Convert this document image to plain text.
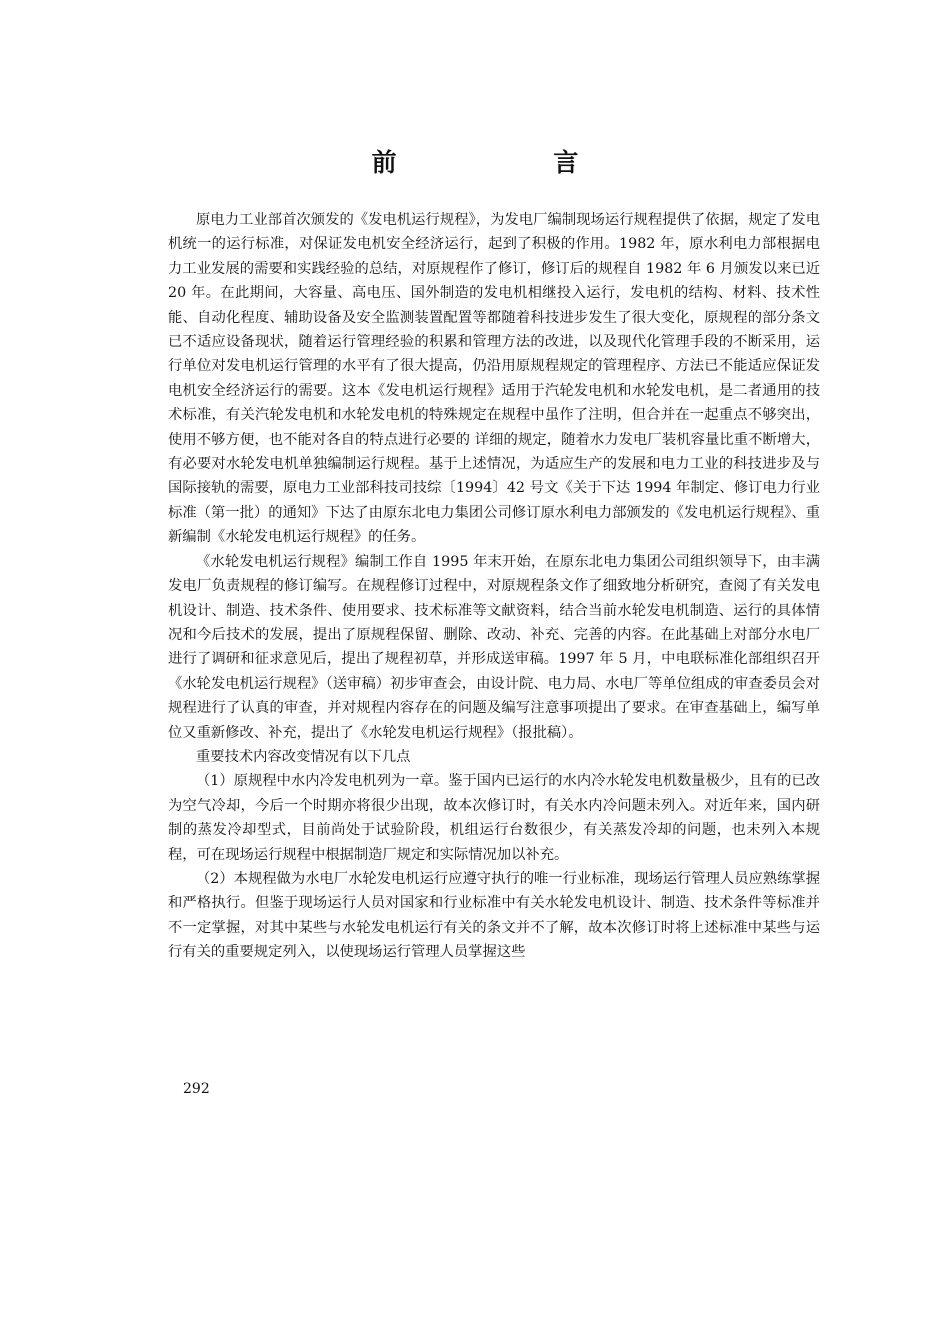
前 言

原电力工业部首次颁发的《发电机运行规程》，为发电厂编制现场运行规程提供了依据，规定了发电机统一的运行标准，对保证发电机安全经济运行，起到了积极的作用。1982 年，原水利电力部根据电力工业发展的需要和实践经验的总结，对原规程作了修订，修订后的规程自 1982 年 6 月颁发以来已近 20 年。在此期间，大容量、高电压、国外制造的发电机相继投入运行，发电机的结构、材料、技术性能、自动化程度、辅助设备及安全监测装置配置等都随着科技进步发生了很大变化，原规程的部分条文已不适应设备现状，随着运行管理经验的积累和管理方法的改进，以及现代化管理手段的不断采用，运行单位对发电机运行管理的水平有了很大提高，仍沿用原规程规定的管理程序、方法已不能适应保证发电机安全经济运行的需要。这本《发电机运行规程》适用于汽轮发电机和水轮发电机，是二者通用的技术标准，有关汽轮发电机和水轮发电机的特殊规定在规程中虽作了注明，但合并在一起重点不够突出，使用不够方便，也不能对各自的特点进行必要的 详细的规定，随着水力发电厂装机容量比重不断增大，有必要对水轮发电机单独编制运行规程。基于上述情况，为适应生产的发展和电力工业的科技进步及与国际接轨的需要，原电力工业部科技司技综〔1994〕42 号文《关于下达 1994 年制定、修订电力行业标准（第一批）的通知》下达了由原东北电力集团公司修订原水利电力部颁发的《发电机运行规程》、重新编制《水轮发电机运行规程》的任务。

《水轮发电机运行规程》编制工作自 1995 年末开始，在原东北电力集团公司组织领导下，由丰满发电厂负责规程的修订编写。在规程修订过程中，对原规程条文作了细致地分析研究，查阅了有关发电机设计、制造、技术条件、使用要求、技术标准等文献资料，结合当前水轮发电机制造、运行的具体情况和今后技术的发展，提出了原规程保留、删除、改动、补充、完善的内容。在此基础上对部分水电厂进行了调研和征求意见后，提出了规程初草，并形成送审稿。1997 年 5 月，中电联标准化部组织召开《水轮发电机运行规程》（送审稿）初步审查会，由设计院、电力局、水电厂等单位组成的审查委员会对规程进行了认真的审查，并对规程内容存在的问题及编写注意事项提出了要求。在审查基础上，编写单位又重新修改、补充，提出了《水轮发电机运行规程》（报批稿）。

重要技术内容改变情况有以下几点

（1）原规程中水内冷发电机列为一章。鉴于国内已运行的水内冷水轮发电机数量极少，且有的已改为空气冷却，今后一个时期亦将很少出现，故本次修订时，有关水内冷问题未列入。对近年来，国内研制的蒸发冷却型式，目前尚处于试验阶段，机组运行台数很少，有关蒸发冷却的问题，也未列入本规程，可在现场运行规程中根据制造厂规定和实际情况加以补充。

（2）本规程做为水电厂水轮发电机运行应遵守执行的唯一行业标准，现场运行管理人员应熟练掌握和严格执行。但鉴于现场运行人员对国家和行业标准中有关水轮发电机设计、制造、技术条件等标准并不一定掌握，对其中某些与水轮发电机运行有关的条文并不了解，故本次修订时将上述标准中某些与运行有关的重要规定列入，以使现场运行管理人员掌握这些

292
